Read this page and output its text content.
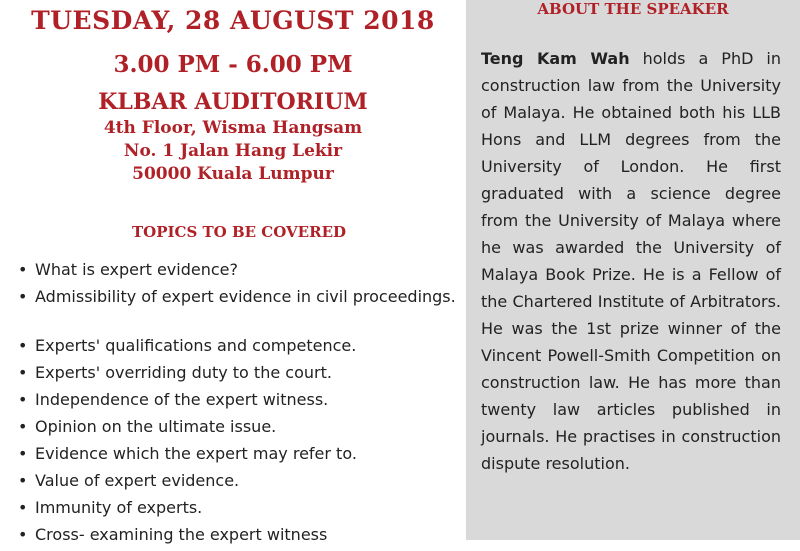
TUESDAY, 28 AUGUST 2018
3.00 PM - 6.00 PM
KLBAR AUDITORIUM
4th Floor, Wisma Hangsam
No. 1 Jalan Hang Lekir
50000 Kuala Lumpur
TOPICS TO BE COVERED
• What is expert evidence?
• Admissibility of expert evidence in civil proceedings.
• Experts' qualifications and competence.
• Experts' overriding duty to the court.
• Independence of the expert witness.
• Opinion on the ultimate issue.
• Evidence which the expert may refer to.
• Value of expert evidence.
• Immunity of experts.
• Cross- examining the expert witness
ABOUT THE SPEAKER

Teng Kam Wah holds a PhD in construction law from the University of Malaya. He obtained both his LLB Hons and LLM degrees from the University of London. He first graduated with a science degree from the University of Malaya where he was awarded the University of Malaya Book Prize. He is a Fellow of the Chartered Institute of Arbitrators. He was the 1st prize winner of the Vincent Powell-Smith Competition on construction law. He has more than twenty law articles published in journals. He practises in construction dispute resolution.
